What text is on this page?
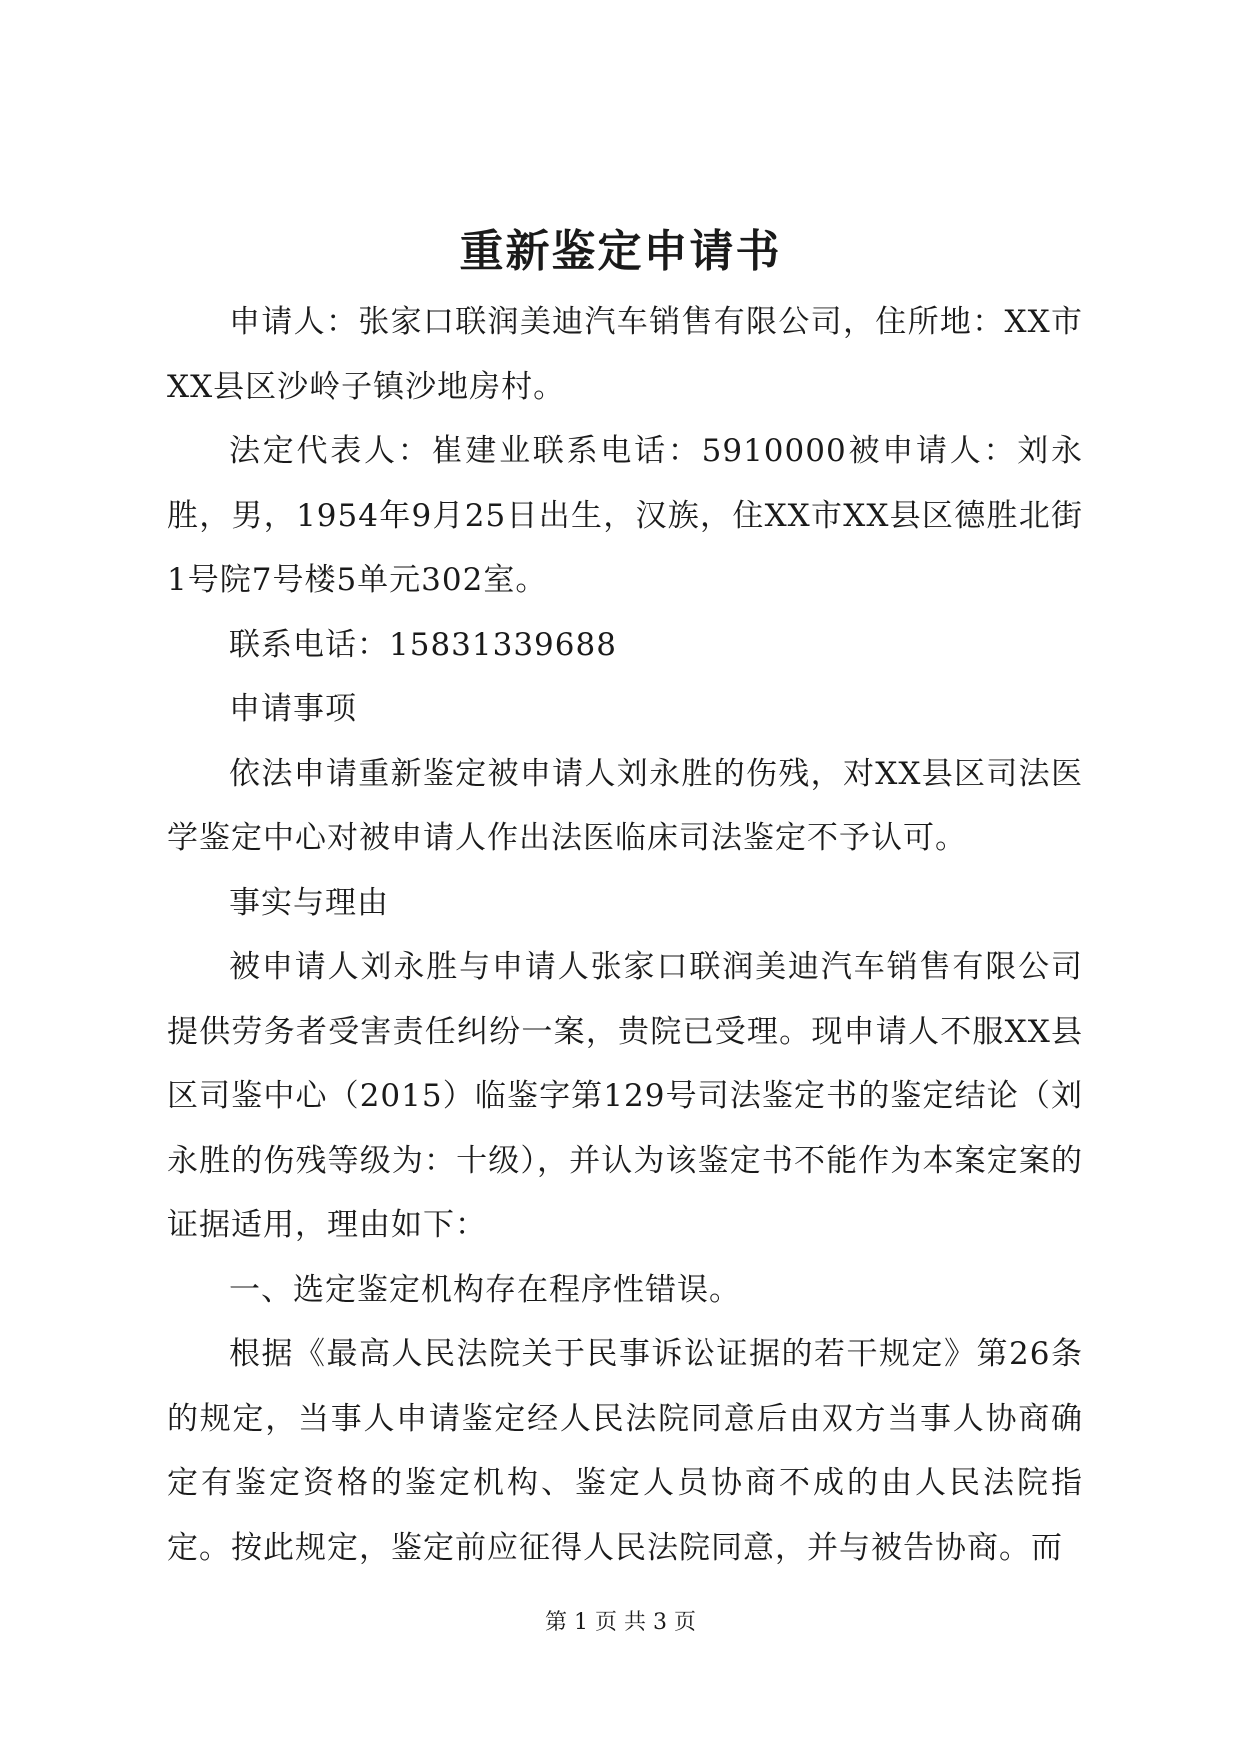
重新鉴定申请书

申请人：张家口联润美迪汽车销售有限公司，住所地：XX市XX县区沙岭子镇沙地房村。

法定代表人：崔建业联系电话：5910000被申请人：刘永胜，男，1954年9月25日出生，汉族，住XX市XX县区德胜北街1号院7号楼5单元302室。

联系电话：15831339688

申请事项

依法申请重新鉴定被申请人刘永胜的伤残，对XX县区司法医学鉴定中心对被申请人作出法医临床司法鉴定不予认可。

事实与理由

被申请人刘永胜与申请人张家口联润美迪汽车销售有限公司提供劳务者受害责任纠纷一案，贵院已受理。现申请人不服XX县区司鉴中心（2015）临鉴字第129号司法鉴定书的鉴定结论（刘永胜的伤残等级为：十级），并认为该鉴定书不能作为本案定案的证据适用，理由如下：

一、选定鉴定机构存在程序性错误。

根据《最高人民法院关于民事诉讼证据的若干规定》第26条的规定，当事人申请鉴定经人民法院同意后由双方当事人协商确定有鉴定资格的鉴定机构、鉴定人员协商不成的由人民法院指定。按此规定，鉴定前应征得人民法院同意，并与被告协商。而

第 1 页 共 3 页
